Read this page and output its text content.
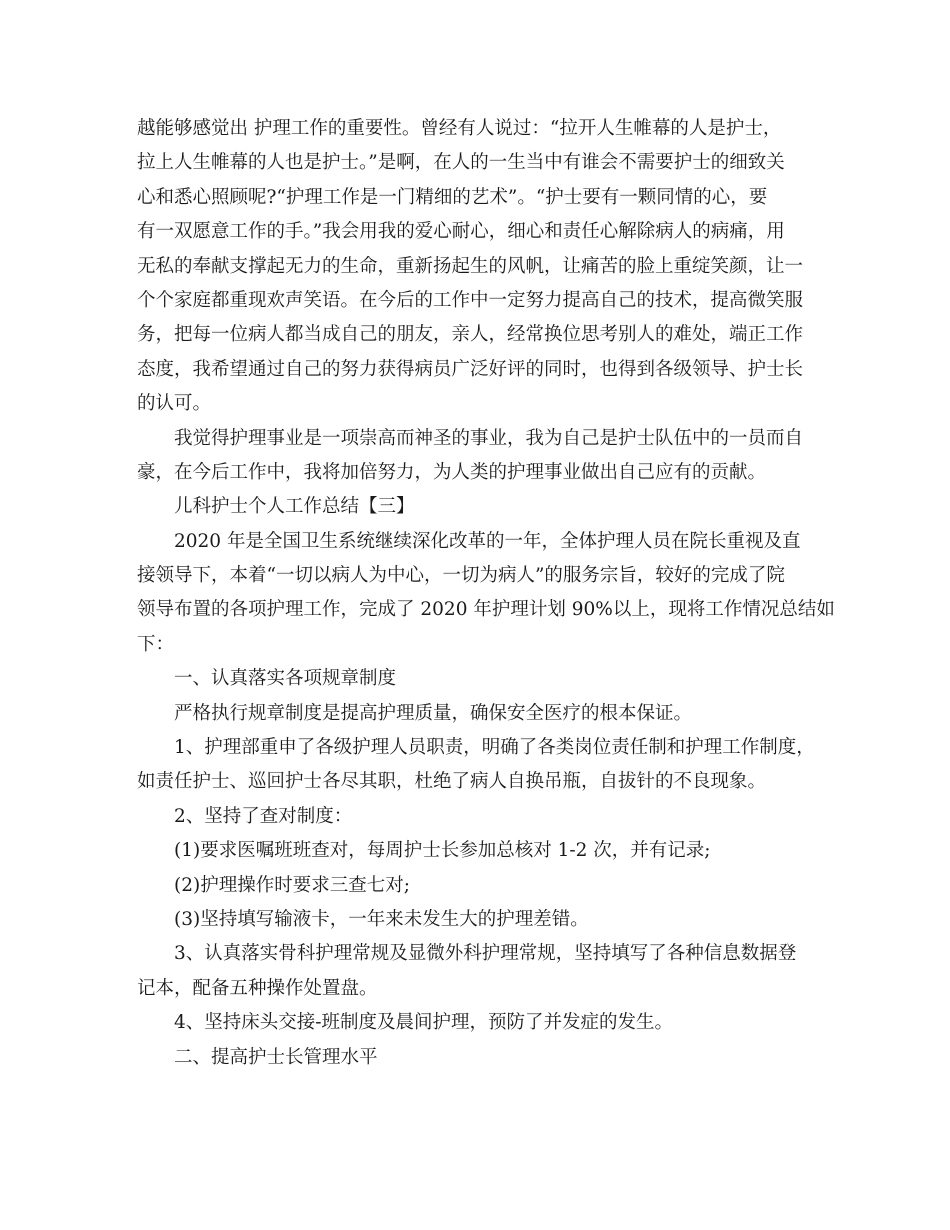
越能够感觉出 护理工作的重要性。曾经有人说过：“拉开人生帷幕的人是护士，

拉上人生帷幕的人也是护士。”是啊，在人的一生当中有谁会不需要护士的细致关

心和悉心照顾呢?“护理工作是一门精细的艺术”。“护士要有一颗同情的心，要

有一双愿意工作的手。”我会用我的爱心耐心，细心和责任心解除病人的病痛，用

无私的奉献支撑起无力的生命，重新扬起生的风帆，让痛苦的脸上重绽笑颜，让一

个个家庭都重现欢声笑语。在今后的工作中一定努力提高自己的技术，提高微笑服

务，把每一位病人都当成自己的朋友，亲人，经常换位思考别人的难处，端正工作

态度，我希望通过自己的努力获得病员广泛好评的同时，也得到各级领导、护士长

的认可。

我觉得护理事业是一项崇高而神圣的事业，我为自己是护士队伍中的一员而自

豪，在今后工作中，我将加倍努力，为人类的护理事业做出自己应有的贡献。

儿科护士个人工作总结【三】

2020 年是全国卫生系统继续深化改革的一年，全体护理人员在院长重视及直

接领导下，本着“一切以病人为中心，一切为病人”的服务宗旨，较好的完成了院

领导布置的各项护理工作，完成了 2020 年护理计划 90%以上，现将工作情况总结如

下：

一、认真落实各项规章制度

严格执行规章制度是提高护理质量，确保安全医疗的根本保证。

1、护理部重申了各级护理人员职责，明确了各类岗位责任制和护理工作制度，

如责任护士、巡回护士各尽其职，杜绝了病人自换吊瓶，自拔针的不良现象。

2、坚持了查对制度：

(1)要求医嘱班班查对，每周护士长参加总核对 1-2 次，并有记录;

(2)护理操作时要求三查七对;

(3)坚持填写输液卡，一年来未发生大的护理差错。

3、认真落实骨科护理常规及显微外科护理常规，坚持填写了各种信息数据登

记本，配备五种操作处置盘。

4、坚持床头交接-班制度及晨间护理，预防了并发症的发生。

二、提高护士长管理水平
